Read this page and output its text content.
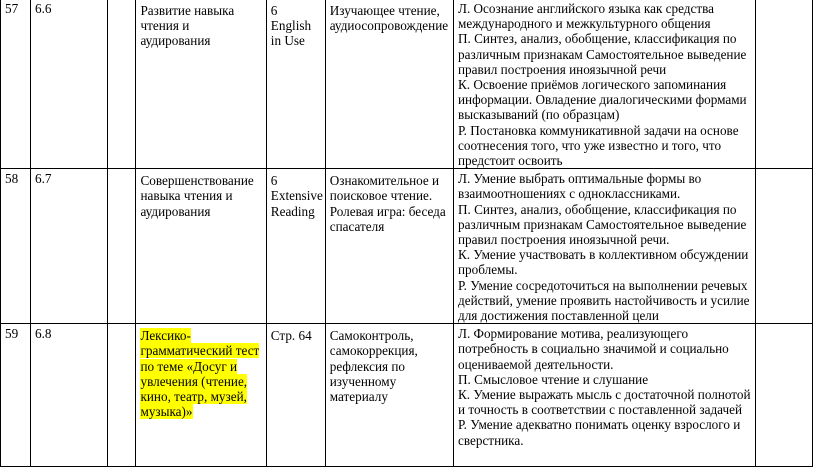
57	6.6		Развитие навыка чтения и аудирования	6 English in Use	Изучающее чтение, аудиосопровождение	Л. Осознание английского языка как средства международного и межкультурного общения
П. Синтез, анализ, обобщение, классификация по различным признакам Самостоятельное выведение правил построения иноязычной речи
К. Освоение приёмов логического запоминания информации. Овладение диалогическими формами высказываний (по образцам)
Р. Постановка коммуникативной задачи на основе соотнесения того, что уже известно и того, что предстоит освоить	

58	6.7		Совершенствование навыка чтения и аудирования	6 Extensive Reading	Ознакомительное и поисковое чтение. Ролевая игра: беседа спасателя	Л. Умение выбрать оптимальные формы во взаимоотношениях с одноклассниками.
П. Синтез, анализ, обобщение, классификация по различным признакам Самостоятельное выведение правил построения иноязычной речи.
К. Умение участвовать в коллективном обсуждении проблемы.
Р. Умение сосредоточиться на выполнении речевых действий, умение проявить настойчивость и усилие для достижения поставленной цели	

59	6.8		Лексико-грамматический тест по теме «Досуг и увлечения (чтение, кино, театр, музей, музыка)»	Стр. 64	Самоконтроль, самокоррекция, рефлексия по изученному материалу	Л. Формирование мотива, реализующего потребность в социально значимой и социально оцениваемой деятельности.
П. Смысловое чтение и слушание
К. Умение выражать мысль с достаточной полнотой и точность в соответствии с поставленной задачей
Р. Умение адекватно понимать оценку взрослого и сверстника.	
